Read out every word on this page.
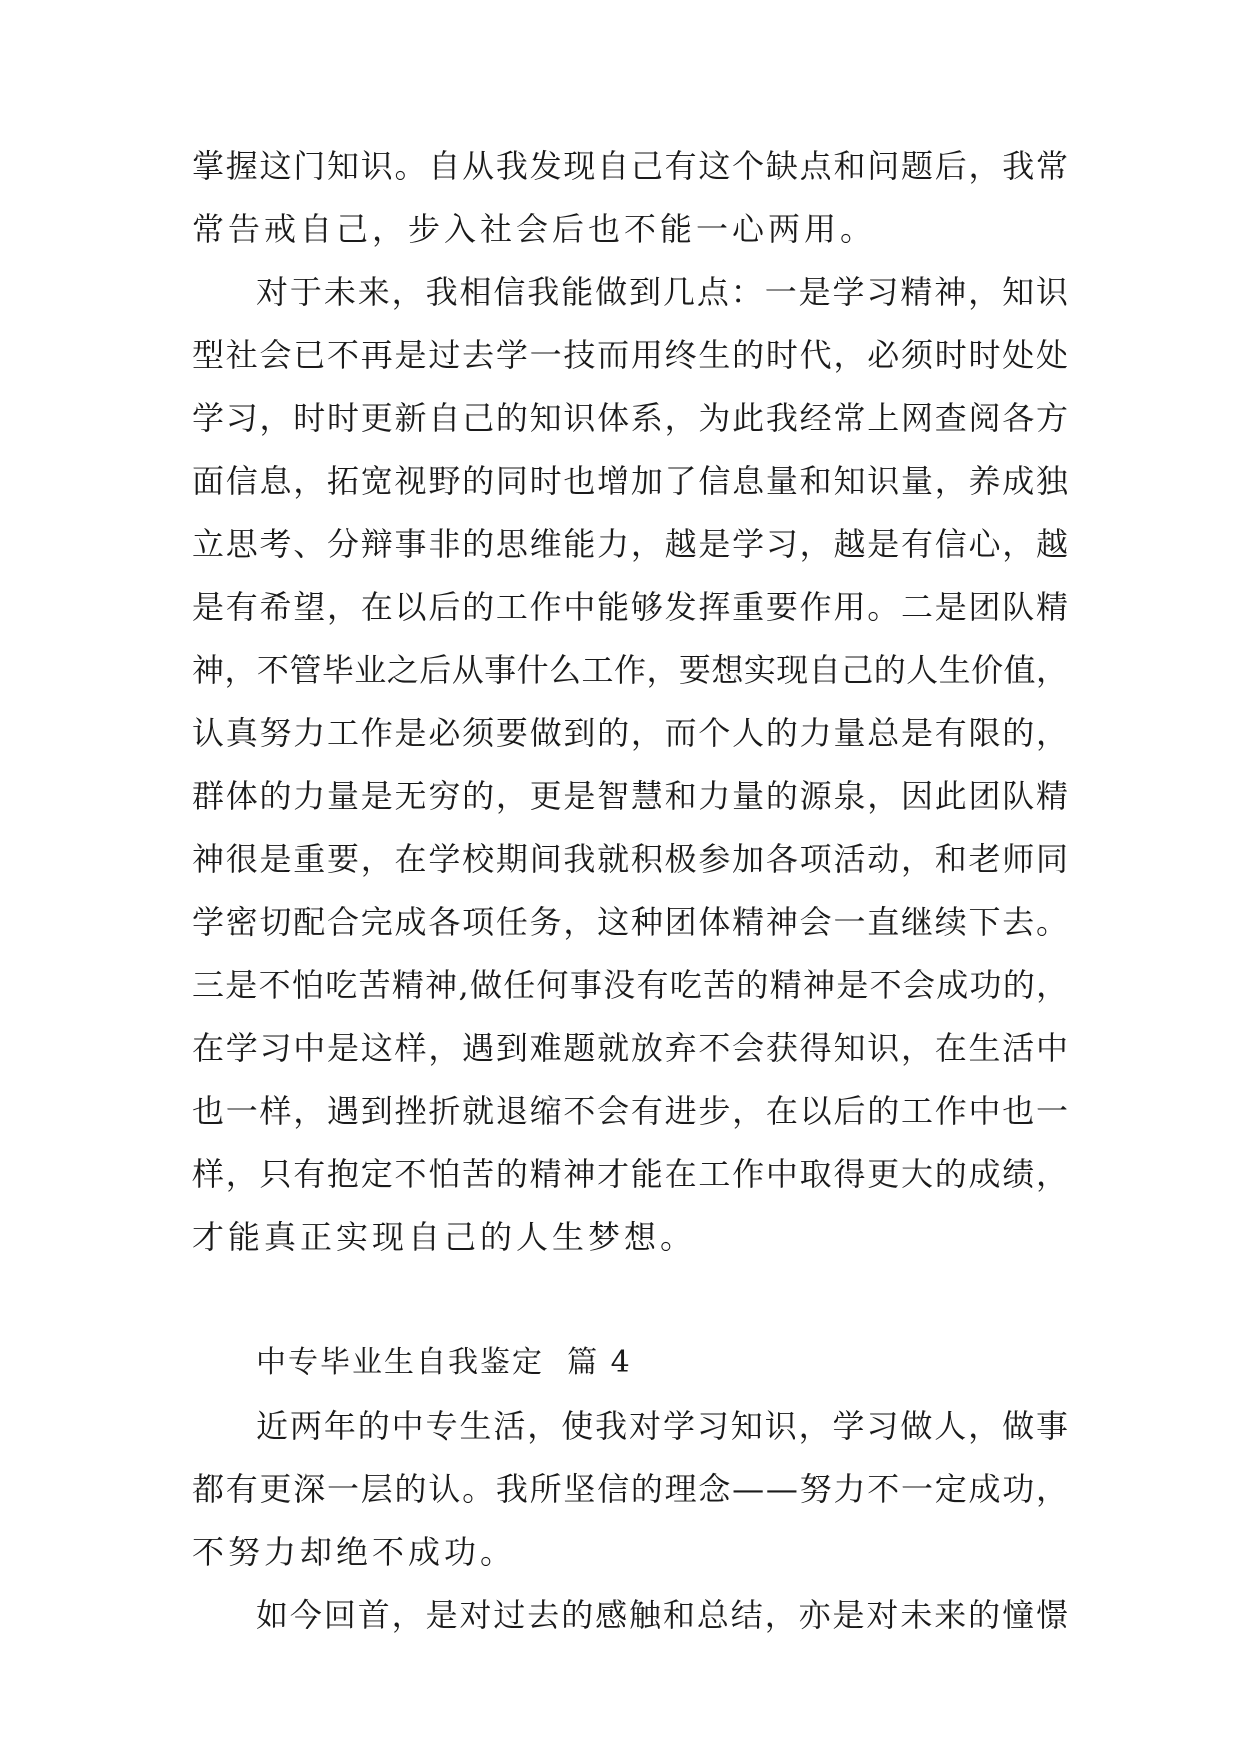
掌握这门知识。自从我发现自己有这个缺点和问题后，我常
常告戒自己，步入社会后也不能一心两用。
对于未来，我相信我能做到几点：一是学习精神，知识
型社会已不再是过去学一技而用终生的时代，必须时时处处
学习，时时更新自己的知识体系，为此我经常上网查阅各方
面信息，拓宽视野的同时也增加了信息量和知识量，养成独
立思考、分辩事非的思维能力，越是学习，越是有信心，越
是有希望，在以后的工作中能够发挥重要作用。二是团队精
神，不管毕业之后从事什么工作，要想实现自己的人生价值，
认真努力工作是必须要做到的，而个人的力量总是有限的，
群体的力量是无穷的，更是智慧和力量的源泉，因此团队精
神很是重要，在学校期间我就积极参加各项活动，和老师同
学密切配合完成各项任务，这种团体精神会一直继续下去。
三是不怕吃苦精神,做任何事没有吃苦的精神是不会成功的，
在学习中是这样，遇到难题就放弃不会获得知识，在生活中
也一样，遇到挫折就退缩不会有进步，在以后的工作中也一
样，只有抱定不怕苦的精神才能在工作中取得更大的成绩，
才能真正实现自己的人生梦想。
中专毕业生自我鉴定  篇 4
近两年的中专生活，使我对学习知识，学习做人，做事
都有更深一层的认。我所坚信的理念——努力不一定成功，
不努力却绝不成功。
如今回首，是对过去的感触和总结，亦是对未来的憧憬
